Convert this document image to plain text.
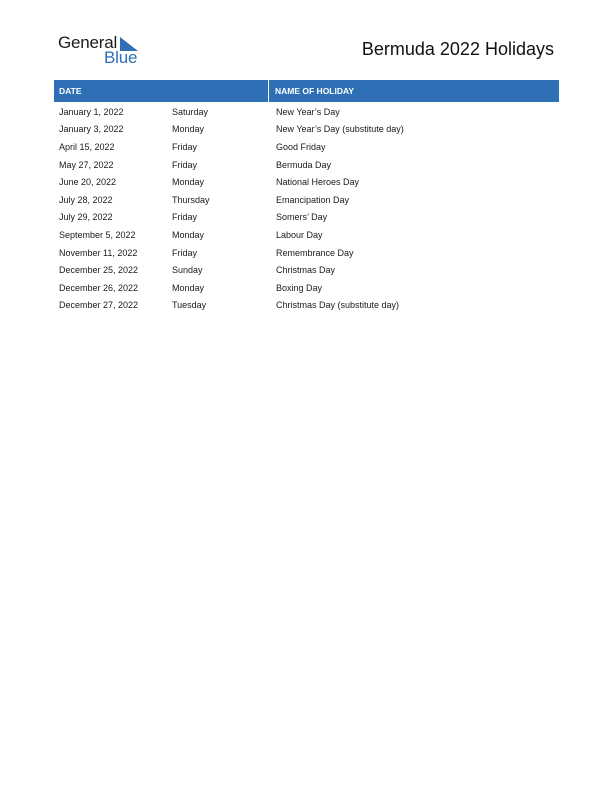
General
Blue	Bermuda 2022 Holidays
DATE	NAME OF HOLIDAY
January 1, 2022	Saturday	New Year’s Day
January 3, 2022	Monday	New Year’s Day (substitute day)
April 15, 2022	Friday	Good Friday
May 27, 2022	Friday	Bermuda Day
June 20, 2022	Monday	National Heroes Day
July 28, 2022	Thursday	Emancipation Day
July 29, 2022	Friday	Somers’ Day
September 5, 2022	Monday	Labour Day
November 11, 2022	Friday	Remembrance Day
December 25, 2022	Sunday	Christmas Day
December 26, 2022	Monday	Boxing Day
December 27, 2022	Tuesday	Christmas Day (substitute day)
